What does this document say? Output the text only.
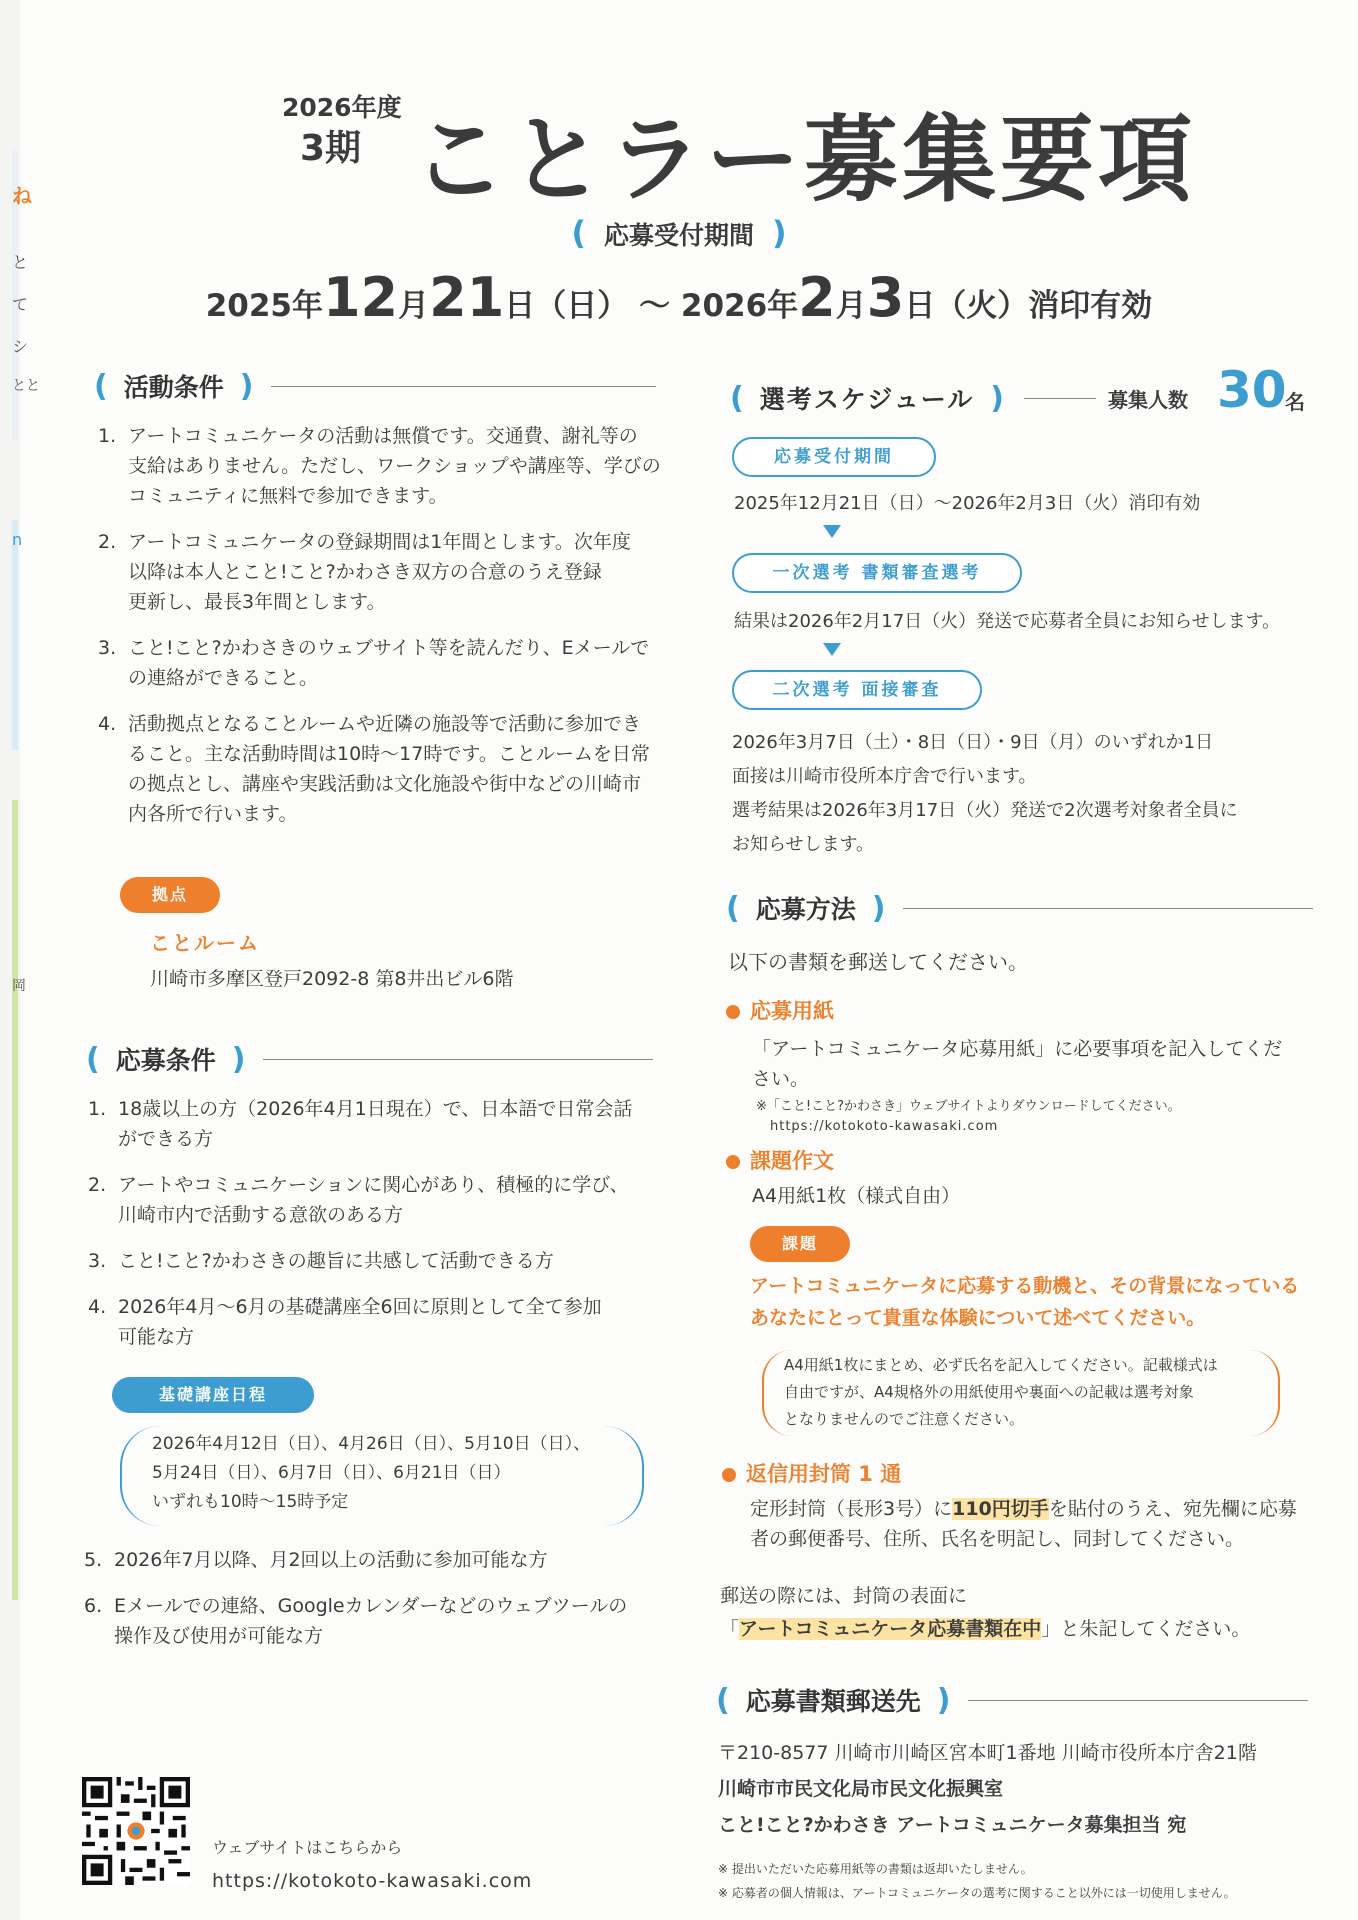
ね
と
て
シ
とと
n
岡
2026年度
3期 ことラー募集要項
( 応募受付期間 )
2025年12月21日（日） ～ 2026年2月3日（火）消印有効
( 活動条件 )
1. アートコミュニケータの活動は無償です。交通費、謝礼等の
支給はありません。ただし、ワークショップや講座等、学びの
コミュニティに無料で参加できます。
2. アートコミュニケータの登録期間は1年間とします。次年度
以降は本人とこと!こと?かわさき双方の合意のうえ登録
更新し、最長3年間とします。
3. こと!こと?かわさきのウェブサイト等を読んだり、Eメールで
の連絡ができること。
4. 活動拠点となることルームや近隣の施設等で活動に参加でき
ること。主な活動時間は10時～17時です。ことルームを日常
の拠点とし、講座や実践活動は文化施設や街中などの川崎市
内各所で行います。
拠点
ことルーム
川崎市多摩区登戸2092-8 第8井出ビル6階
( 応募条件 )
1. 18歳以上の方（2026年4月1日現在）で、日本語で日常会話
ができる方
2. アートやコミュニケーションに関心があり、積極的に学び、
川崎市内で活動する意欲のある方
3. こと!こと?かわさきの趣旨に共感して活動できる方
4. 2026年4月～6月の基礎講座全6回に原則として全て参加
可能な方
基礎講座日程
2026年4月12日（日）、4月26日（日）、5月10日（日）、
5月24日（日）、6月7日（日）、6月21日（日）
いずれも10時～15時予定
5. 2026年7月以降、月2回以上の活動に参加可能な方
6. Eメールでの連絡、Googleカレンダーなどのウェブツールの
操作及び使用が可能な方
ウェブサイトはこちらから
https://kotokoto-kawasaki.com
( 選考スケジュール )	募集人数 30
名
応募受付期間
2025年12月21日（日）～2026年2月3日（火）消印有効
一次選考 書類審査選考
結果は2026年2月17日（火）発送で応募者全員にお知らせします。
二次選考 面接審査
2026年3月7日（土）・8日（日）・9日（月）のいずれか1日
面接は川崎市役所本庁舎で行います。
選考結果は2026年3月17日（火）発送で2次選考対象者全員に
お知らせします。
( 応募方法 )
以下の書類を郵送してください。
応募用紙
「アートコミュニケータ応募用紙」に必要事項を記入してくだ
さい。
※「こと!こと?かわさき」ウェブサイトよりダウンロードしてください。
https://kotokoto-kawasaki.com
課題作文
A4用紙1枚（様式自由）
課題
アートコミュニケータに応募する動機と、その背景になっている
あなたにとって貴重な体験について述べてください。
A4用紙1枚にまとめ、必ず氏名を記入してください。記載様式は
自由ですが、A4規格外の用紙使用や裏面への記載は選考対象
となりませんのでご注意ください。
返信用封筒 1 通
定形封筒（長形3号）に110円切手を貼付のうえ、宛先欄に応募
者の郵便番号、住所、氏名を明記し、同封してください。
郵送の際には、封筒の表面に
「アートコミュニケータ応募書類在中」と朱記してください。
( 応募書類郵送先 )
〒210-8577 川崎市川崎区宮本町1番地 川崎市役所本庁舎21階
川崎市市民文化局市民文化振興室
こと!こと?かわさき アートコミュニケータ募集担当 宛
※ 提出いただいた応募用紙等の書類は返却いたしません。
※ 応募者の個人情報は、アートコミュニケータの選考に関すること以外には一切使用しません。
